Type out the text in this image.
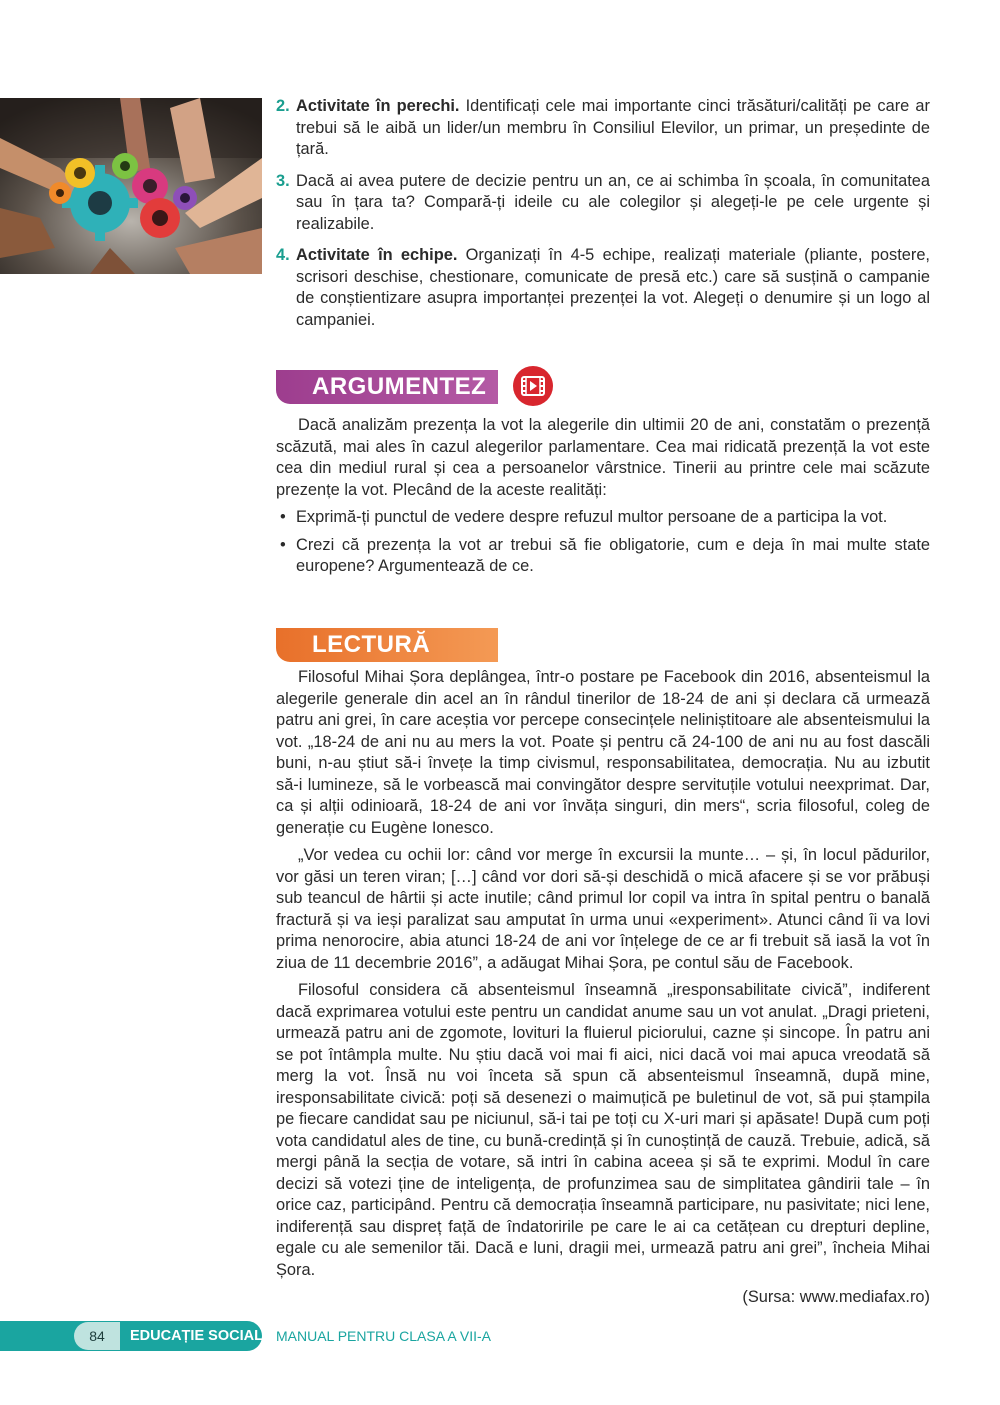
2. Activitate în perechi. Identificați cele mai importante cinci trăsături/calități pe care ar trebui să le aibă un lider/un membru în Consiliul Elevilor, un primar, un președinte de țară.

3. Dacă ai avea putere de decizie pentru un an, ce ai schimba în școala, în comunitatea sau în țara ta? Compară-ți ideile cu ale colegilor și alegeți-le pe cele urgente și realizabile.

4. Activitate în echipe. Organizați în 4-5 echipe, realizați materiale (pliante, postere, scrisori deschise, chestionare, comunicate de presă etc.) care să susțină o campanie de conștientizare asupra importanței prezenței la vot. Alegeți o denumire și un logo al campaniei.

ARGUMENTEZ

Dacă analizăm prezența la vot la alegerile din ultimii 20 de ani, constatăm o prezență scăzută, mai ales în cazul alegerilor parlamentare. Cea mai ridicată prezență la vot este cea din mediul rural și cea a persoanelor vârstnice. Tinerii au printre cele mai scăzute prezențe la vot. Plecând de la aceste realități:

• Exprimă-ți punctul de vedere despre refuzul multor persoane de a participa la vot.

• Crezi că prezența la vot ar trebui să fie obligatorie, cum e deja în mai multe state europene? Argumentează de ce.

LECTURĂ

Filosoful Mihai Șora deplângea, într-o postare pe Facebook din 2016, absenteismul la alegerile generale din acel an în rândul tinerilor de 18-24 de ani și declara că urmează patru ani grei, în care aceștia vor percepe consecințele neliniștitoare ale absenteismului la vot. „18-24 de ani nu au mers la vot. Poate și pentru că 24-100 de ani nu au fost dascăli buni, n-au știut să-i învețe la timp civismul, responsabilitatea, democrația. Nu au izbutit să-i lumineze, să le vorbească mai convingător despre servituțile votului neexprimat. Dar, ca și alții odinioară, 18-24 de ani vor învăța singuri, din mers“, scria filosoful, coleg de generație cu Eugène Ionesco.

„Vor vedea cu ochii lor: când vor merge în excursii la munte… – și, în locul pădurilor, vor găsi un teren viran; […] când vor dori să-și deschidă o mică afacere și se vor prăbuși sub teancul de hârtii și acte inutile; când primul lor copil va intra în spital pentru o banală fractură și va ieși paralizat sau amputat în urma unui «experiment». Atunci când îi va lovi prima nenorocire, abia atunci 18-24 de ani vor înțelege de ce ar fi trebuit să iasă la vot în ziua de 11 decembrie 2016”, a adăugat Mihai Șora, pe contul său de Facebook.

Filosoful considera că absenteismul înseamnă „iresponsabilitate civică”, indiferent dacă exprimarea votului este pentru un candidat anume sau un vot anulat. „Dragi prieteni, urmează patru ani de zgomote, lovituri la fluierul piciorului, cazne și sincope. În patru ani se pot întâmpla multe. Nu știu dacă voi mai fi aici, nici dacă voi mai apuca vreodată să merg la vot. Însă nu voi înceta să spun că absenteismul înseamnă, după mine, iresponsabilitate civică: poți să desenezi o maimuțică pe buletinul de vot, să pui ștampila pe fiecare candidat sau pe niciunul, să-i tai pe toți cu X-uri mari și apăsate! După cum poți vota candidatul ales de tine, cu bună-credință și în cunoștință de cauză. Trebuie, adică, să mergi până la secția de votare, să intri în cabina aceea și să te exprimi. Modul în care decizi să votezi ține de inteligența, de profunzimea sau de simplitatea gândirii tale – în orice caz, participând. Pentru că democrația înseamnă participare, nu pasivitate; nici lene, indiferență sau dispreț față de îndatoririle pe care le ai ca cetățean cu drepturi depline, egale cu ale semenilor tăi. Dacă e luni, dragii mei, urmează patru ani grei”, încheia Mihai Șora.

(Sursa: www.mediafax.ro)

84	EDUCAȚIE SOCIALĂ MANUAL PENTRU CLASA A VII-A
